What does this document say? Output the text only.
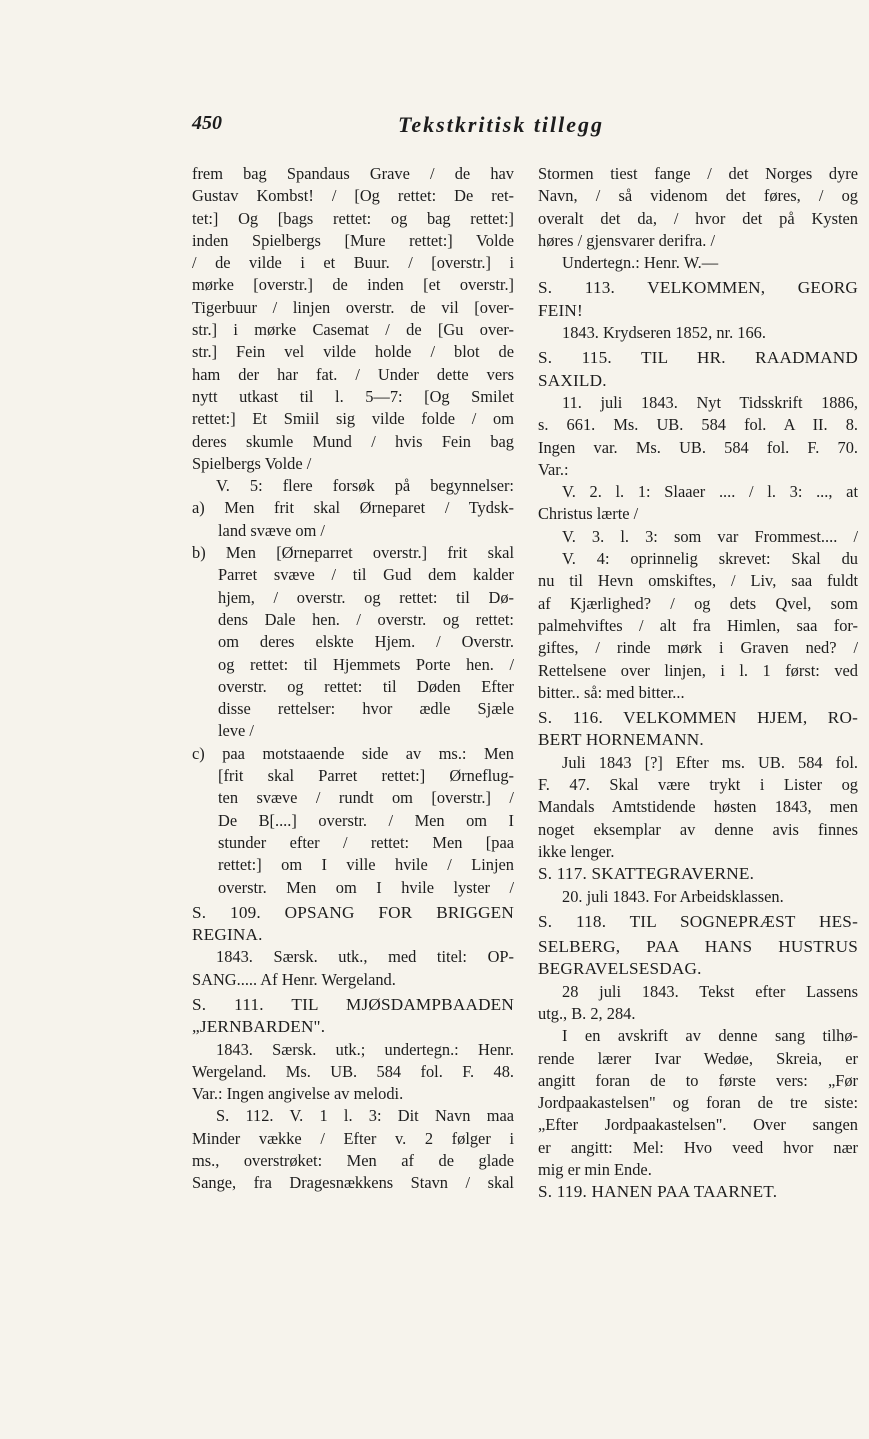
450	Tekstkritisk tillegg
frem bag Spandaus Grave / de hav
Gustav Kombst! / [Og rettet: De ret-
tet:] Og [bags rettet: og bag rettet:]
inden Spielbergs [Mure rettet:] Volde
/ de vilde i et Buur. / [overstr.] i
mørke [overstr.] de inden [et overstr.]
Tigerbuur / linjen overstr. de vil [over-
str.] i mørke Casemat / de [Gu over-
str.] Fein vel vilde holde / blot de
ham der har fat. / Under dette vers
nytt utkast til l. 5—7: [Og Smilet
rettet:] Et Smiil sig vilde folde / om
deres skumle Mund / hvis Fein bag
Spielbergs Volde /
V. 5: flere forsøk på begynnelser:
a) Men frit skal Ørneparet / Tydsk-
land svæve om /
b) Men [Ørneparret overstr.] frit skal
Parret svæve / til Gud dem kalder
hjem, / overstr. og rettet: til Dø-
dens Dale hen. / overstr. og rettet:
om deres elskte Hjem. / Overstr.
og rettet: til Hjemmets Porte hen. /
overstr. og rettet: til Døden Efter
disse rettelser: hvor ædle Sjæle
leve /
c) paa motstaaende side av ms.: Men
[frit skal Parret rettet:] Ørneflug-
ten svæve / rundt om [overstr.] /
De B[....] overstr. / Men om I
stunder efter / rettet: Men [paa
rettet:] om I ville hvile / Linjen
overstr. Men om I hvile lyster /
S. 109. OPSANG FOR BRIGGEN
REGINA.
1843. Særsk. utk., med titel: OP-
SANG..... Af Henr. Wergeland.
S. 111. TIL MJØSDAMPBAADEN
„JERNBARDEN".
1843. Særsk. utk.; undertegn.: Henr.
Wergeland. Ms. UB. 584 fol. F. 48.
Var.: Ingen angivelse av melodi.
S. 112. V. 1 l. 3: Dit Navn maa
Minder vække / Efter v. 2 følger i
ms., overstrøket: Men af de glade
Sange, fra Dragesnækkens Stavn / skal
Stormen tiest fange / det Norges dyre
Navn, / så videnom det føres, / og
overalt det da, / hvor det på Kysten
høres / gjensvarer derifra. /
Undertegn.: Henr. W.—
S. 113. VELKOMMEN, GEORG
FEIN!
1843. Krydseren 1852, nr. 166.
S. 115. TIL HR. RAADMAND
SAXILD.
11. juli 1843. Nyt Tidsskrift 1886,
s. 661. Ms. UB. 584 fol. A II. 8.
Ingen var. Ms. UB. 584 fol. F. 70.
Var.:
V. 2. l. 1: Slaaer .... / l. 3: ..., at
Christus lærte /
V. 3. l. 3: som var Frommest.... /
V. 4: oprinnelig skrevet: Skal du
nu til Hevn omskiftes, / Liv, saa fuldt
af Kjærlighed? / og dets Qvel, som
palmehviftes / alt fra Himlen, saa for-
giftes, / rinde mørk i Graven ned? /
Rettelsene over linjen, i l. 1 først: ved
bitter.. så: med bitter...
S. 116. VELKOMMEN HJEM, RO-
BERT HORNEMANN.
Juli 1843 [?] Efter ms. UB. 584 fol.
F. 47. Skal være trykt i Lister og
Mandals Amtstidende høsten 1843, men
noget eksemplar av denne avis finnes
ikke lenger.
S. 117. SKATTEGRAVERNE.
20. juli 1843. For Arbeidsklassen.
S. 118. TIL SOGNEPRÆST HES-
SELBERG, PAA HANS HUSTRUS
BEGRAVELSESDAG.
28 juli 1843. Tekst efter Lassens
utg., B. 2, 284.
I en avskrift av denne sang tilhø-
rende lærer Ivar Wedøe, Skreia, er
angitt foran de to første vers: „Før
Jordpaakastelsen" og foran de tre siste:
„Efter Jordpaakastelsen". Over sangen
er angitt: Mel: Hvo veed hvor nær
mig er min Ende.
S. 119. HANEN PAA TAARNET.
